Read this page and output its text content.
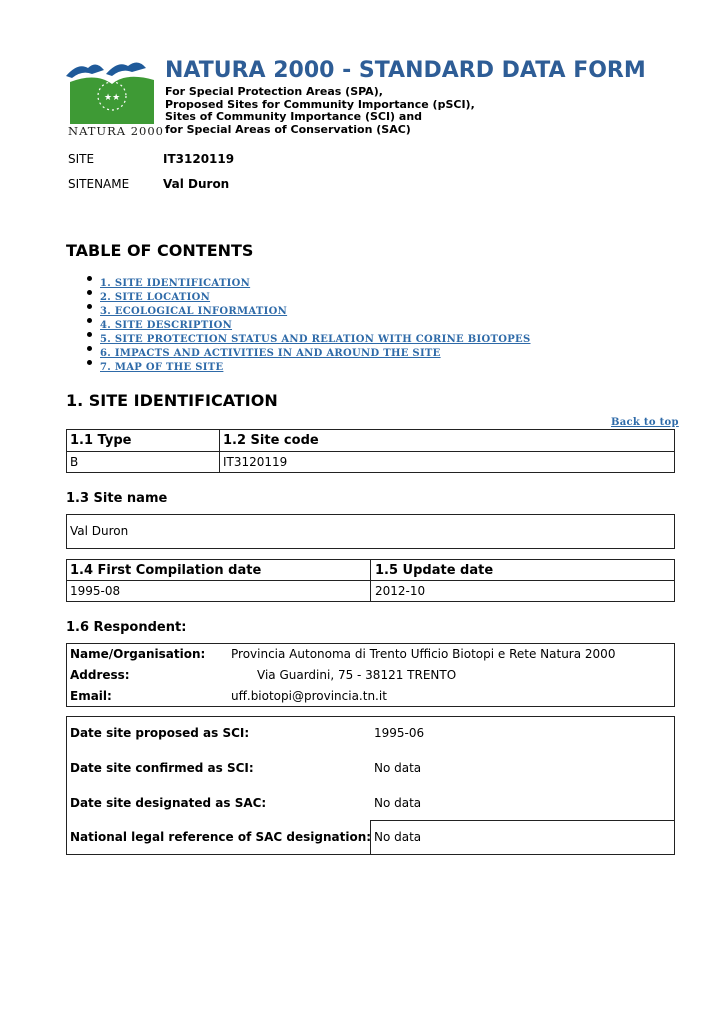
★★
NATURA 2000
NATURA 2000 - STANDARD DATA FORM
For Special Protection Areas (SPA),
Proposed Sites for Community Importance (pSCI),
Sites of Community Importance (SCI) and
for Special Areas of Conservation (SAC)
SITE	IT3120119
SITENAME	Val Duron
TABLE OF CONTENTS
1. SITE IDENTIFICATION
2. SITE LOCATION
3. ECOLOGICAL INFORMATION
4. SITE DESCRIPTION
5. SITE PROTECTION STATUS AND RELATION WITH CORINE BIOTOPES
6. IMPACTS AND ACTIVITIES IN AND AROUND THE SITE
7. MAP OF THE SITE
1. SITE IDENTIFICATION
Back to top
1.1 Type	1.2 Site code
B	IT3120119
1.3 Site name
Val Duron
1.4 First Compilation date	1.5 Update date
1995-08	2012-10
1.6 Respondent:
Name/Organisation: Provincia Autonoma di Trento Ufficio Biotopi e Rete Natura 2000
Address:	Via Guardini, 75 - 38121 TRENTO
Email:	uff.biotopi@provincia.tn.it
Date site proposed as SCI:	1995-06
Date site confirmed as SCI:	No data
Date site designated as SAC:	No data
National legal reference of SAC designation: No data
